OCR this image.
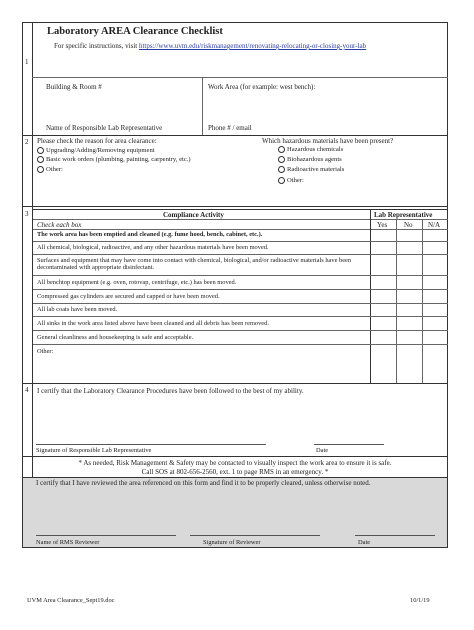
Laboratory AREA Clearance Checklist
For specific instructions, visit https://www.uvm.edu/riskmanagement/renovating-relocating-or-closing-your-lab
1
Building & Room #	Work Area (for example: west bench):
Name of Responsible Lab Representative	Phone # / email
2 Please check the reason for area clearance:
Upgrading/Adding/Removing equipment
Basic work orders (plumbing, painting, carpentry, etc.)
Other:
Which hazardous materials have been present?
Hazardous chemicals
Biohazardous agents
Radioactive materials
Other:
3	Compliance Activity	Lab Representative
Check each box	Yes No N/A
The work area has been emptied and cleaned (e.g. fume hood, bench, cabinet, etc.).
All chemical, biological, radioactive, and any other hazardous materials have been moved.
Surfaces and equipment that may have come into contact with chemical, biological, and/or radioactive materials have been decontaminated with appropriate disinfectant.
All benchtop equipment (e.g. oven, rotovap, centrifuge, etc.) has been moved.
Compressed gas cylinders are secured and capped or have been moved.
All lab coats have been moved.
All sinks in the work area listed above have been cleaned and all debris has been removed.
General cleanliness and housekeeping is safe and acceptable.
Other:
4 I certify that the Laboratory Clearance Procedures have been followed to the best of my ability.
Signature of Responsible Lab Representative	Date
* As needed, Risk Management & Safety may be contacted to visually inspect the work area to ensure it is safe.
Call SOS at 802-656-2560, ext. 1 to page RMS in an emergency. *
I certify that I have reviewed the area referenced on this form and find it to be properly cleared, unless otherwise noted.
Name of RMS Reviewer	Signature of Reviewer	Date
UVM Area Clearance_Sept19.doc	10/1/19
